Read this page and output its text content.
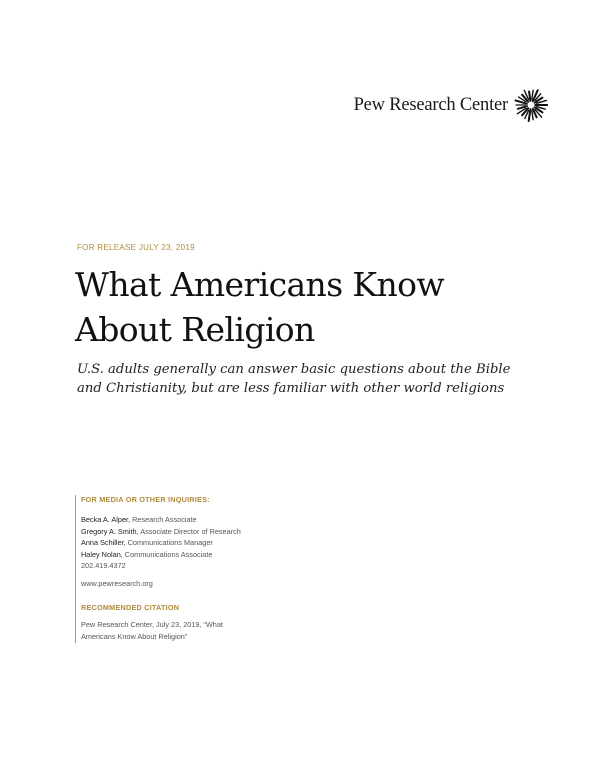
Pew Research Center
FOR RELEASE JULY 23, 2019
What Americans Know
About Religion

U.S. adults generally can answer basic questions about the Bible
and Christianity, but are less familiar with other world religions

FOR MEDIA OR OTHER INQUIRIES:
Becka A. Alper, Research Associate
Gregory A. Smith, Associate Director of Research
Anna Schiller, Communications Manager
Haley Nolan, Communications Associate
202.419.4372
www.pewresearch.org
RECOMMENDED CITATION
Pew Research Center, July 23, 2019, “What
Americans Know About Religion”
